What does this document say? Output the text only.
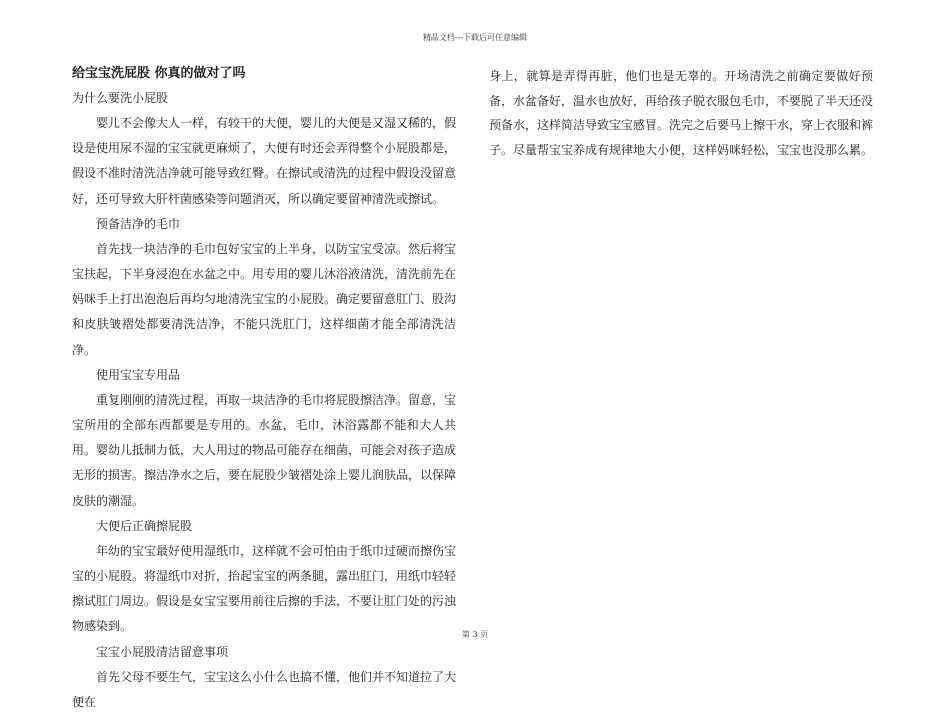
精品文档---下载后可任意编辑

给宝宝洗屁股 你真的做对了吗

为什么要洗小屁股

婴儿不会像大人一样，有较干的大便，婴儿的大便是又湿又稀的，假设是使用尿不湿的宝宝就更麻烦了，大便有时还会弄得整个小屁股都是，假设不准时清洗洁净就可能导致红臀。在擦试或清洗的过程中假设没留意好，还可导致大肝杆菌感染等问题消灭，所以确定要留神清洗或擦试。

预备洁净的毛巾

首先找一块洁净的毛巾包好宝宝的上半身，以防宝宝受凉。然后将宝宝扶起，下半身浸泡在水盆之中。用专用的婴儿沐浴液清洗，清洗前先在妈咪手上打出泡泡后再均匀地清洗宝宝的小屁股。确定要留意肛门、股沟和皮肤皱褶处都要清洗洁净，不能只洗肛门，这样细菌才能全部清洗洁净。

使用宝宝专用品

重复刚刚的清洗过程，再取一块洁净的毛巾将屁股擦洁净。留意，宝宝所用的全部东西都要是专用的。水盆，毛巾，沐浴露都不能和大人共用。婴幼儿抵制力低，大人用过的物品可能存在细菌，可能会对孩子造成无形的损害。擦洁净水之后，要在屁股少皱褶处涂上婴儿润肤品，以保障皮肤的潮湿。

大便后正确擦屁股

年幼的宝宝最好使用湿纸巾，这样就不会可怕由于纸巾过硬而擦伤宝宝的小屁股。将湿纸巾对折，抬起宝宝的两条腿，露出肛门，用纸巾轻轻擦试肛门周边。假设是女宝宝要用前往后擦的手法，不要让肛门处的污浊物感染到。

宝宝小屁股清洁留意事项

首先父母不要生气，宝宝这么小什么也搞不懂，他们并不知道拉了大便在

身上，就算是弄得再脏，他们也是无辜的。开场清洗之前确定要做好预备，水盆备好，温水也放好，再给孩子脱衣服包毛巾，不要脱了半天还没预备水，这样简洁导致宝宝感冒。洗完之后要马上擦干水，穿上衣服和裤子。尽量帮宝宝养成有规律地大小便，这样妈咪轻松，宝宝也没那么累。

第 3 页
